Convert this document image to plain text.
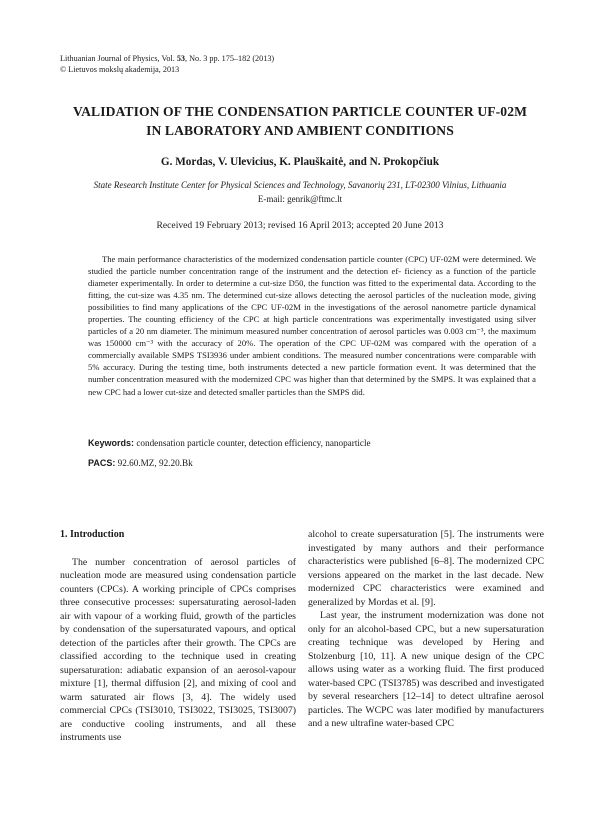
Lithuanian Journal of Physics, Vol. 53, No. 3 pp. 175–182 (2013)
© Lietuvos mokslų akademija, 2013
VALIDATION OF THE CONDENSATION PARTICLE COUNTER UF-02M IN LABORATORY AND AMBIENT CONDITIONS
G. Mordas, V. Ulevicius, K. Plauškaitė, and N. Prokopčiuk
State Research Institute Center for Physical Sciences and Technology, Savanorių 231, LT-02300 Vilnius, Lithuania
E-mail: genrik@ftmc.lt
Received 19 February 2013; revised 16 April 2013; accepted 20 June 2013
The main performance characteristics of the modernized condensation particle counter (CPC) UF-02M were determined. We studied the particle number concentration range of the instrument and the detection ef- ficiency as a function of the particle diameter experimentally. In order to determine a cut-size D50, the function was fitted to the experimental data. According to the fitting, the cut-size was 4.35 nm. The determined cut-size allows detecting the aerosol particles of the nucleation mode, giving possibilities to find many applications of the CPC UF-02M in the investigations of the aerosol nanometre particle dynamical properties. The counting efficiency of the CPC at high particle concentrations was experimentally investigated using silver particles of a 20 nm diameter. The minimum measured number concentration of aerosol particles was 0.003 cm⁻³, the maximum was 150000 cm⁻³ with the accuracy of 20%. The operation of the CPC UF-02M was compared with the operation of a commercially available SMPS TSI3936 under ambient conditions. The measured number concentrations were comparable with 5% accuracy. During the testing time, both instruments detected a new particle formation event. It was determined that the number concentration measured with the modernized CPC was higher than that determined by the SMPS. It was explained that a new CPC had a lower cut-size and detected smaller particles than the SMPS did.
Keywords: condensation particle counter, detection efficiency, nanoparticle
PACS: 92.60.MZ, 92.20.Bk

1. Introduction

The number concentration of aerosol particles of nucleation mode are measured using condensation particle counters (CPCs). A working principle of CPCs comprises three consecutive processes: supersaturating aerosol-laden air with vapour of a working fluid, growth of the particles by condensation of the supersaturated vapours, and optical detection of the particles after their growth. The CPCs are classified according to the technique used in creating supersaturation: adiabatic expansion of an aerosol-vapour mixture [1], thermal diffusion [2], and mixing of cool and warm saturated air flows [3, 4]. The widely used commercial CPCs (TSI3010, TSI3022, TSI3025, TSI3007) are conductive cooling instruments, and all these instruments use

alcohol to create supersaturation [5]. The instruments were investigated by many authors and their performance characteristics were published [6–8]. The modernized CPC versions appeared on the market in the last decade. New modernized CPC characteristics were examined and generalized by Mordas et al. [9].

Last year, the instrument modernization was done not only for an alcohol-based CPC, but a new supersaturation creating technique was developed by Hering and Stolzenburg [10, 11]. A new unique design of the CPC allows using water as a working fluid. The first produced water-based CPC (TSI3785) was described and investigated by several researchers [12–14] to detect ultrafine aerosol particles. The WCPC was later modified by manufacturers and a new ultrafine water-based CPC
